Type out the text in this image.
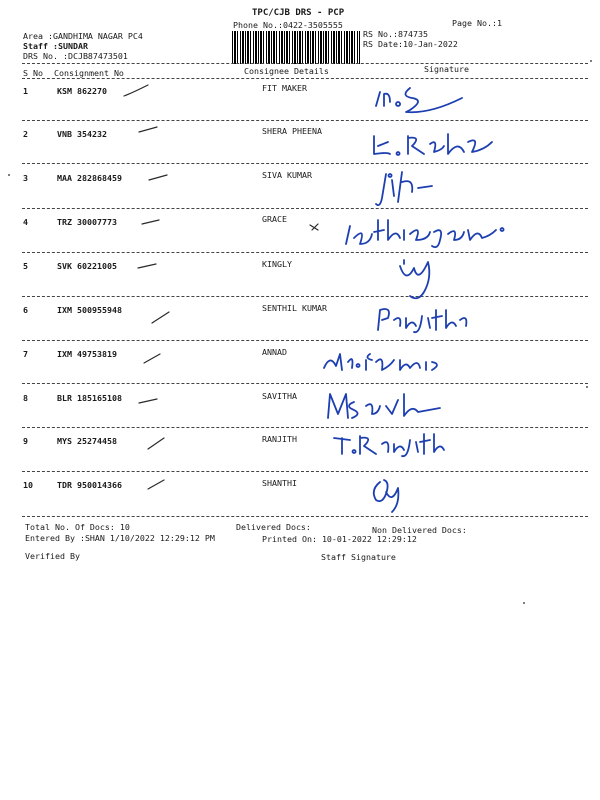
TPC/CJB DRS - PCP
Phone No.:0422-3505555	Page No.:1
Area :GANDHIMA NAGAR PC4
Staff :SUNDAR
DRS No. :DCJB87473501
RS No.:874735
RS Date:10-Jan-2022
S No Consignment No	Consignee Details	Signature
1	KSM 862270	FIT MAKER
2	VNB 354232	SHERA PHEENA
3	MAA 282868459	SIVA KUMAR
4	TRZ 30007773	GRACE
5	SVK 60221005	KINGLY
6	IXM 500955948	SENTHIL KUMAR
7	IXM 49753819	ANNAD
8	BLR 185165108	SAVITHA
9	MYS 25274458	RANJITH
10	TDR 950014366	SHANTHI
Total No. Of Docs: 10	Delivered Docs:	Non Delivered Docs:
Entered By :SHAN 1/10/2022 12:29:12 PM	Printed On: 10-01-2022 12:29:12
Verified By	Staff Signature
